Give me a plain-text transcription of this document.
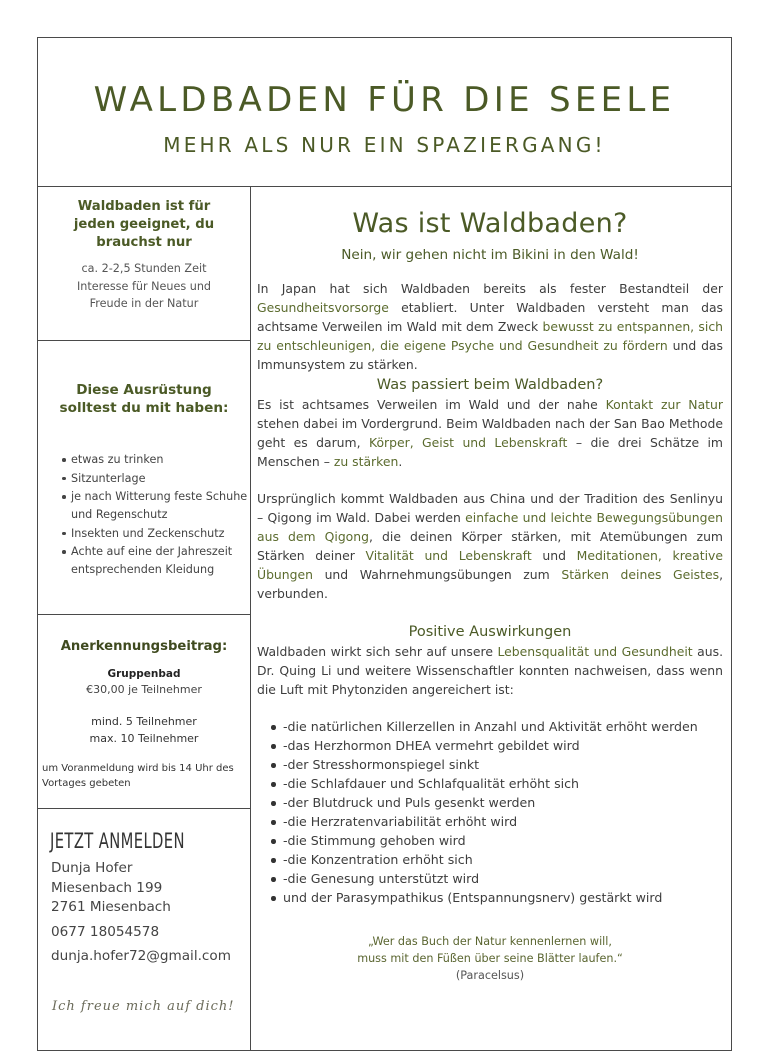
WALDBADEN FÜR DIE SEELE
MEHR ALS NUR EIN SPAZIERGANG!
Waldbaden ist für
jeden geeignet, du
brauchst nur
ca. 2-2,5 Stunden Zeit
Interesse für Neues und
Freude in der Natur
Diese Ausrüstung
solltest du mit haben:
etwas zu trinken
Sitzunterlage
je nach Witterung feste Schuhe und Regenschutz
Insekten und Zeckenschutz
Achte auf eine der Jahreszeit entsprechenden Kleidung
Anerkennungsbeitrag:
Gruppenbad
€30,00 je Teilnehmer
mind. 5 Teilnehmer
max. 10 Teilnehmer
um Voranmeldung wird bis 14 Uhr des Vortages gebeten
JETZT ANMELDEN
Dunja Hofer
Miesenbach 199
2761 Miesenbach
0677 18054578
dunja.hofer72@gmail.com
Ich freue mich auf dich!
Was ist Waldbaden?
Nein, wir gehen nicht im Bikini in den Wald!
In Japan hat sich Waldbaden bereits als fester Bestandteil der Gesundheitsvorsorge etabliert. Unter Waldbaden versteht man das achtsame Verweilen im Wald mit dem Zweck bewusst zu entspannen, sich zu entschleunigen, die eigene Psyche und Gesundheit zu fördern und das Immunsystem zu stärken.
Was passiert beim Waldbaden?
Es ist achtsames Verweilen im Wald und der nahe Kontakt zur Natur stehen dabei im Vordergrund. Beim Waldbaden nach der San Bao Methode geht es darum, Körper, Geist und Lebenskraft – die drei Schätze im Menschen – zu stärken.
Ursprünglich kommt Waldbaden aus China und der Tradition des Senlinyu – Qigong im Wald. Dabei werden einfache und leichte Bewegungsübungen aus dem Qigong, die deinen Körper stärken, mit Atemübungen zum Stärken deiner Vitalität und Lebenskraft und Meditationen, kreative Übungen und Wahrnehmungsübungen zum Stärken deines Geistes, verbunden.
Positive Auswirkungen
Waldbaden wirkt sich sehr auf unsere Lebensqualität und Gesundheit aus. Dr. Quing Li und weitere Wissenschaftler konnten nachweisen, dass wenn die Luft mit Phytonziden angereichert ist:
-die natürlichen Killerzellen in Anzahl und Aktivität erhöht werden
-das Herzhormon DHEA vermehrt gebildet wird
-der Stresshormonspiegel sinkt
-die Schlafdauer und Schlafqualität erhöht sich
-der Blutdruck und Puls gesenkt werden
-die Herzratenvariabilität erhöht wird
-die Stimmung gehoben wird
-die Konzentration erhöht sich
-die Genesung unterstützt wird
und der Parasympathikus (Entspannungsnerv) gestärkt wird
„Wer das Buch der Natur kennenlernen will,
muss mit den Füßen über seine Blätter laufen.“
(Paracelsus)
